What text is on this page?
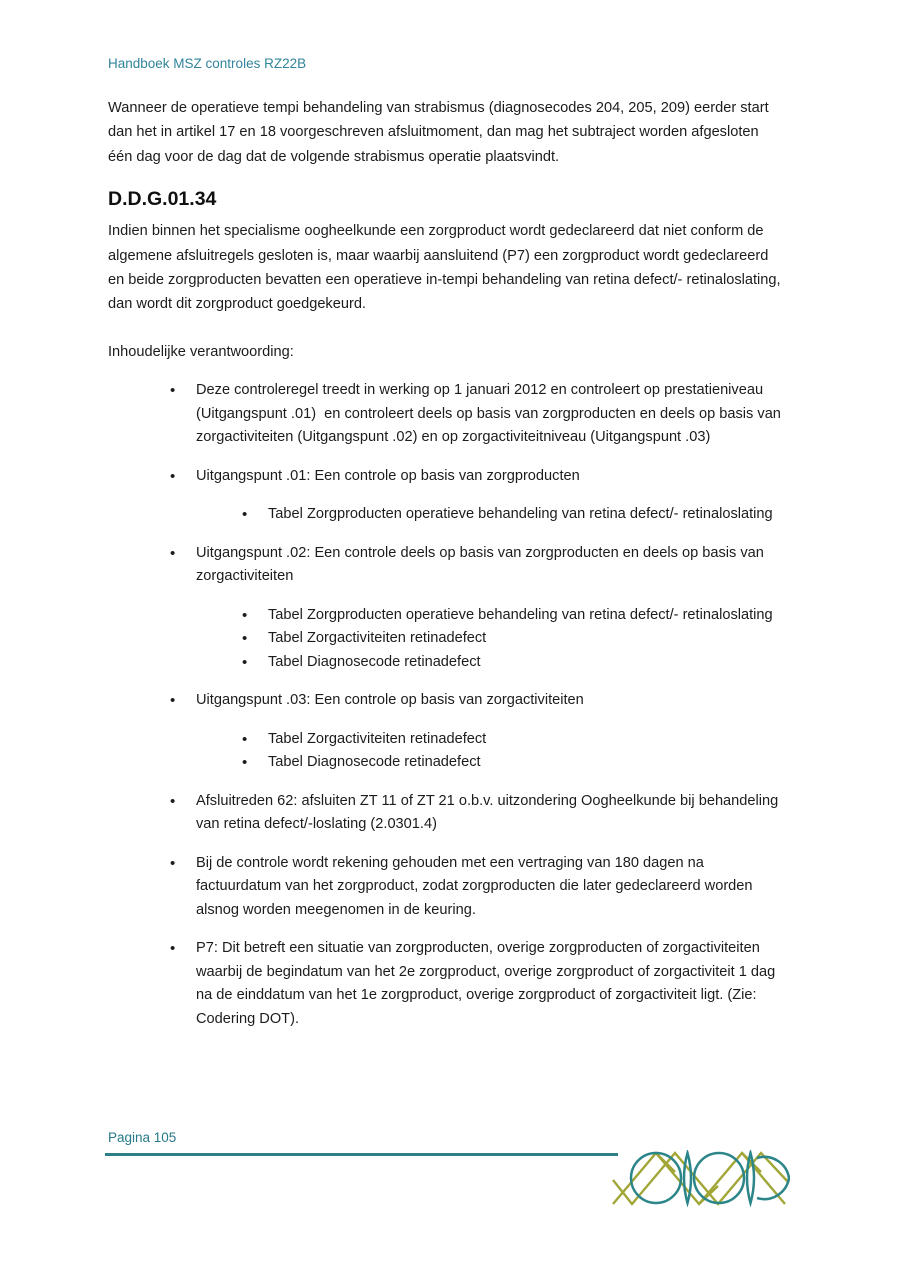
Handboek MSZ controles RZ22B

Wanneer de operatieve tempi behandeling van strabismus (diagnosecodes 204, 205, 209) eerder start dan het in artikel 17 en 18 voorgeschreven afsluitmoment, dan mag het subtraject worden afgesloten één dag voor de dag dat de volgende strabismus operatie plaatsvindt.

D.D.G.01.34

Indien binnen het specialisme oogheelkunde een zorgproduct wordt gedeclareerd dat niet conform de algemene afsluitregels gesloten is, maar waarbij aansluitend (P7) een zorgproduct wordt gedeclareerd en beide zorgproducten bevatten een operatieve in-tempi behandeling van retina defect/- retinaloslating, dan wordt dit zorgproduct goedgekeurd.

Inhoudelijke verantwoording:

• Deze controleregel treedt in werking op 1 januari 2012 en controleert op prestatieniveau (Uitgangspunt .01)  en controleert deels op basis van zorgproducten en deels op basis van zorgactiviteiten (Uitgangspunt .02) en op zorgactiviteitniveau (Uitgangspunt .03)
• Uitgangspunt .01: Een controle op basis van zorgproducten
• Tabel Zorgproducten operatieve behandeling van retina defect/- retinaloslating
• Uitgangspunt .02: Een controle deels op basis van zorgproducten en deels op basis van zorgactiviteiten
• Tabel Zorgproducten operatieve behandeling van retina defect/- retinaloslating
• Tabel Zorgactiviteiten retinadefect
• Tabel Diagnosecode retinadefect
• Uitgangspunt .03: Een controle op basis van zorgactiviteiten
• Tabel Zorgactiviteiten retinadefect
• Tabel Diagnosecode retinadefect
• Afsluitreden 62: afsluiten ZT 11 of ZT 21 o.b.v. uitzondering Oogheelkunde bij behandeling van retina defect/-loslating (2.0301.4)
• Bij de controle wordt rekening gehouden met een vertraging van 180 dagen na factuurdatum van het zorgproduct, zodat zorgproducten die later gedeclareerd worden alsnog worden meegenomen in de keuring.
• P7: Dit betreft een situatie van zorgproducten, overige zorgproducten of zorgactiviteiten waarbij de begindatum van het 2e zorgproduct, overige zorgproduct of zorgactiviteit 1 dag na de einddatum van het 1e zorgproduct, overige zorgproduct of zorgactiviteit ligt. (Zie: Codering DOT).
Pagina 105
